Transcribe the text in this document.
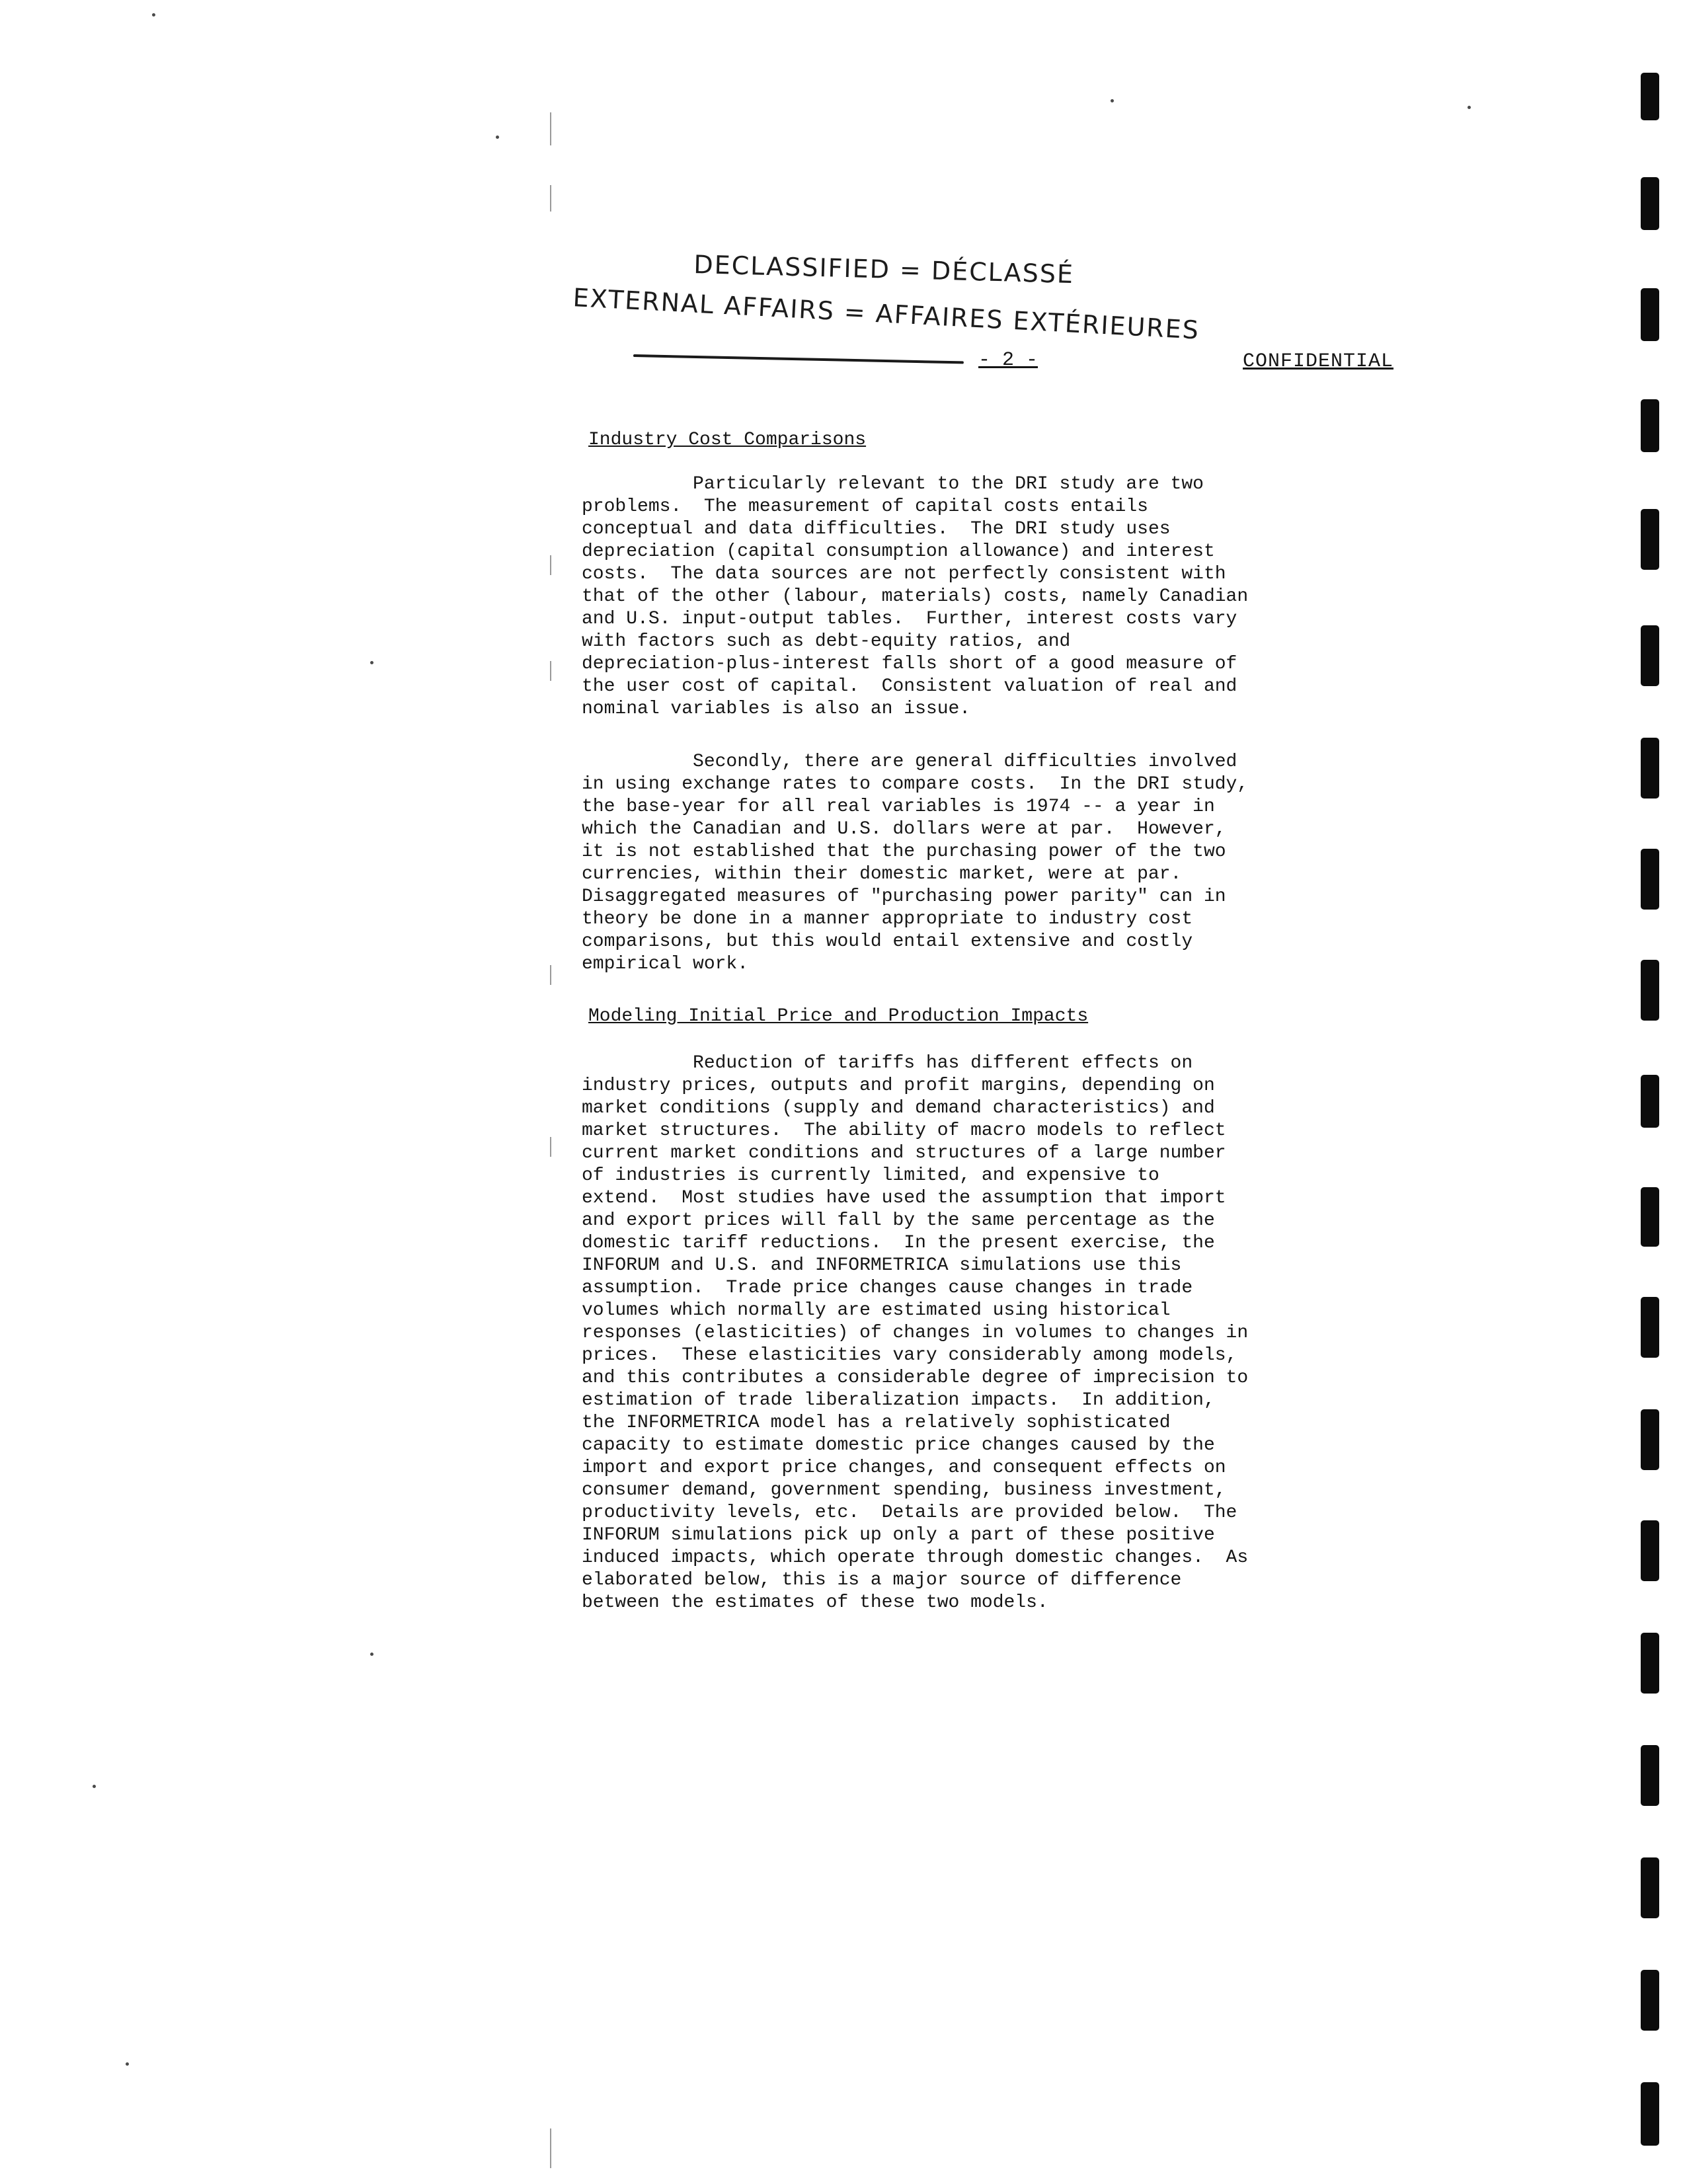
DECLASSIFIED = DÉCLASSÉ
EXTERNAL AFFAIRS = AFFAIRES EXTÉRIEURES
- 2 -	CONFIDENTIAL
Industry Cost Comparisons
Particularly relevant to the DRI study are two
problems.  The measurement of capital costs entails
conceptual and data difficulties.  The DRI study uses
depreciation (capital consumption allowance) and interest
costs.  The data sources are not perfectly consistent with
that of the other (labour, materials) costs, namely Canadian
and U.S. input-output tables.  Further, interest costs vary
with factors such as debt-equity ratios, and
depreciation-plus-interest falls short of a good measure of
the user cost of capital.  Consistent valuation of real and
nominal variables is also an issue.
Secondly, there are general difficulties involved
in using exchange rates to compare costs.  In the DRI study,
the base-year for all real variables is 1974 -- a year in
which the Canadian and U.S. dollars were at par.  However,
it is not established that the purchasing power of the two
currencies, within their domestic market, were at par.
Disaggregated measures of "purchasing power parity" can in
theory be done in a manner appropriate to industry cost
comparisons, but this would entail extensive and costly
empirical work.
Modeling Initial Price and Production Impacts
Reduction of tariffs has different effects on
industry prices, outputs and profit margins, depending on
market conditions (supply and demand characteristics) and
market structures.  The ability of macro models to reflect
current market conditions and structures of a large number
of industries is currently limited, and expensive to
extend.  Most studies have used the assumption that import
and export prices will fall by the same percentage as the
domestic tariff reductions.  In the present exercise, the
INFORUM and U.S. and INFORMETRICA simulations use this
assumption.  Trade price changes cause changes in trade
volumes which normally are estimated using historical
responses (elasticities) of changes in volumes to changes in
prices.  These elasticities vary considerably among models,
and this contributes a considerable degree of imprecision to
estimation of trade liberalization impacts.  In addition,
the INFORMETRICA model has a relatively sophisticated
capacity to estimate domestic price changes caused by the
import and export price changes, and consequent effects on
consumer demand, government spending, business investment,
productivity levels, etc.  Details are provided below.  The
INFORUM simulations pick up only a part of these positive
induced impacts, which operate through domestic changes.  As
elaborated below, this is a major source of difference
between the estimates of these two models.
